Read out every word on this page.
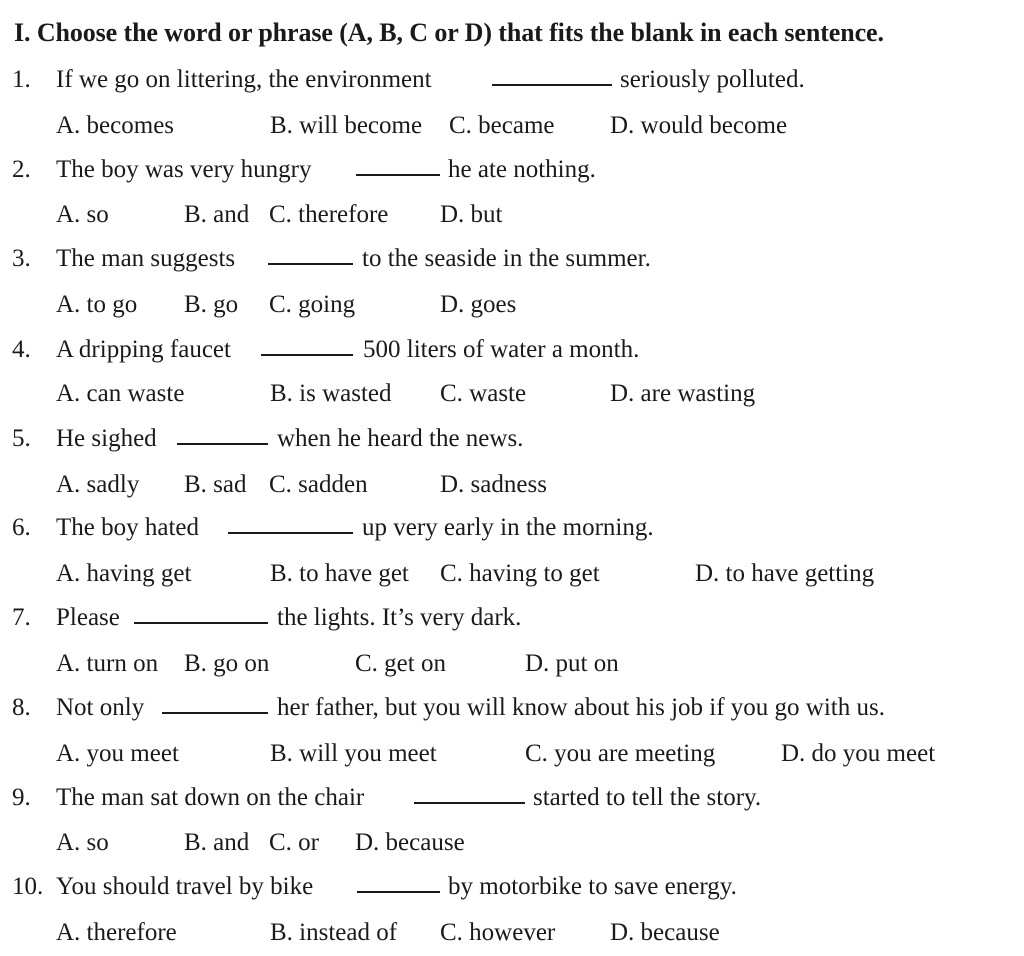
I. Choose the word or phrase (A, B, C or D) that fits the blank in each sentence.
1. If we go on littering, the environment	seriously polluted.
A. becomes	B. will become C. became D. would become
2. The boy was very hungry	he ate nothing.
A. so	B. and C. therefore D. but
3. The man suggests	to the seaside in the summer.
A. to go B. go C. going	D. goes
4. A dripping faucet	500 liters of water a month.
A. can waste	B. is wasted C. waste	D. are wasting
5. He sighed	when he heard the news.
A. sadly B. sad C. sadden	D. sadness
6. The boy hated	up very early in the morning.
A. having get	B. to have get C. having to get	D. to have getting
7. Please	the lights. It’s very dark.
A. turn on B. go on	C. get on	D. put on
8. Not only	her father, but you will know about his job if you go with us.
A. you meet	B. will you meet	C. you are meeting	D. do you meet
9. The man sat down on the chair	started to tell the story.
A. so	B. and C. or D. because
10. You should travel by bike	by motorbike to save energy.
A. therefore	B. instead of C. however D. because
